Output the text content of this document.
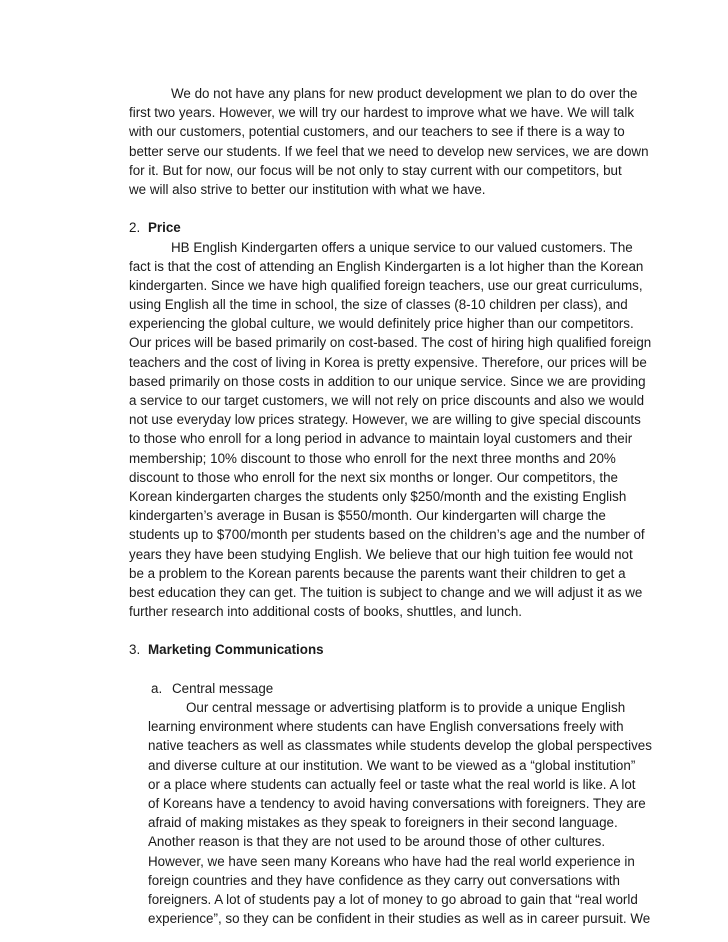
We do not have any plans for new product development we plan to do over the
first two years. However, we will try our hardest to improve what we have. We will talk
with our customers, potential customers, and our teachers to see if there is a way to
better serve our students. If we feel that we need to develop new services, we are down
for it. But for now, our focus will be not only to stay current with our competitors, but
we will also strive to better our institution with what we have.
2. Price
HB English Kindergarten offers a unique service to our valued customers. The
fact is that the cost of attending an English Kindergarten is a lot higher than the Korean
kindergarten. Since we have high qualified foreign teachers, use our great curriculums,
using English all the time in school, the size of classes (8-10 children per class), and
experiencing the global culture, we would definitely price higher than our competitors.
Our prices will be based primarily on cost-based. The cost of hiring high qualified foreign
teachers and the cost of living in Korea is pretty expensive. Therefore, our prices will be
based primarily on those costs in addition to our unique service. Since we are providing
a service to our target customers, we will not rely on price discounts and also we would
not use everyday low prices strategy. However, we are willing to give special discounts
to those who enroll for a long period in advance to maintain loyal customers and their
membership; 10% discount to those who enroll for the next three months and 20%
discount to those who enroll for the next six months or longer. Our competitors, the
Korean kindergarten charges the students only $250/month and the existing English
kindergarten’s average in Busan is $550/month. Our kindergarten will charge the
students up to $700/month per students based on the children’s age and the number of
years they have been studying English. We believe that our high tuition fee would not
be a problem to the Korean parents because the parents want their children to get a
best education they can get. The tuition is subject to change and we will adjust it as we
further research into additional costs of books, shuttles, and lunch.
3. Marketing Communications
a. Central message
Our central message or advertising platform is to provide a unique English
learning environment where students can have English conversations freely with
native teachers as well as classmates while students develop the global perspectives
and diverse culture at our institution. We want to be viewed as a “global institution”
or a place where students can actually feel or taste what the real world is like. A lot
of Koreans have a tendency to avoid having conversations with foreigners. They are
afraid of making mistakes as they speak to foreigners in their second language.
Another reason is that they are not used to be around those of other cultures.
However, we have seen many Koreans who have had the real world experience in
foreign countries and they have confidence as they carry out conversations with
foreigners. A lot of students pay a lot of money to go abroad to gain that “real world
experience”, so they can be confident in their studies as well as in career pursuit. We
